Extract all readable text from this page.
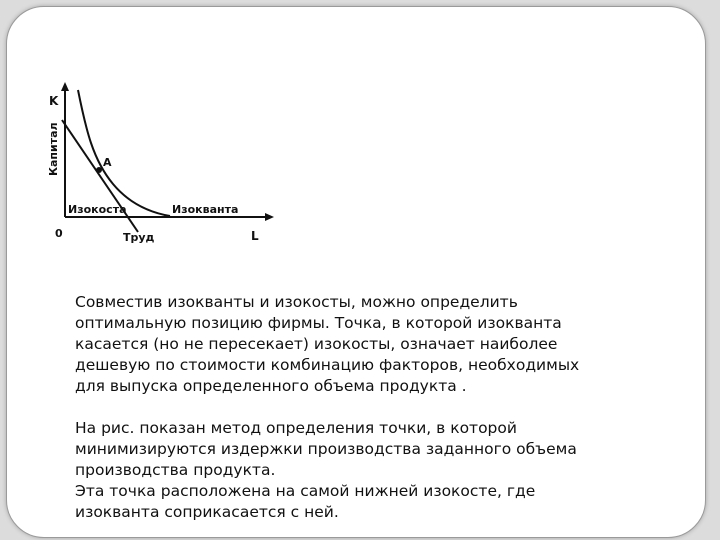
K
Капитал	A
Изокоста	Изокванта
0	Труд	L

Совместив изокванты и изокосты, можно определить
оптимальную позицию фирмы. Точка, в которой изокванта
касается (но не пересекает) изокосты, означает наиболее
дешевую по стоимости комбинацию факторов, необходимых
для выпуска определенного объема продукта .

На рис. показан метод определения точки, в которой
минимизируются издержки производства заданного объема
производства продукта.
Эта точка расположена на самой нижней изокосте, где
изокванта соприкасается с ней.
